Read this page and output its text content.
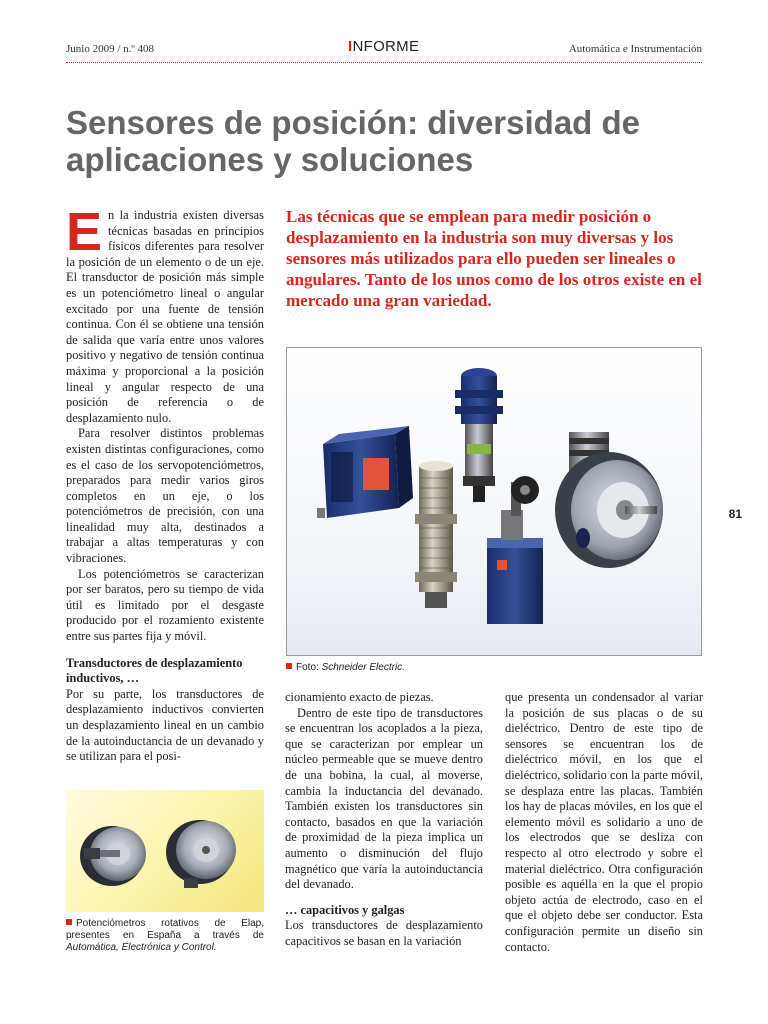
Junio 2009 / n.º 408	INFORME	Automática e Instrumentación
Sensores de posición: diversidad de aplicaciones y soluciones

En la industria existen diversas técnicas basadas en principios físicos diferentes para resolver la posición de un elemento o de un eje. El transductor de posición más simple es un potenciómetro lineal o angular excitado por una fuente de tensión continua. Con él se obtiene una tensión de salida que varía entre unos valores positivo y negativo de tensión continua máxima y proporcional a la posición lineal y angular respecto de una posición de referencia o de desplazamiento nulo.

Para resolver distintos problemas existen distintas configuraciones, como es el caso de los servopotenciómetros, preparados para medir varios giros completos en un eje, o los potenciómetros de precisión, con una linealidad muy alta, destinados a trabajar a altas temperaturas y con vibraciones.

Los potenciómetros se caracterizan por ser baratos, pero su tiempo de vida útil es limitado por el desgaste producido por el rozamiento existente entre sus partes fija y móvil.

Transductores de desplazamiento inductivos, …

Por su parte, los transductores de desplazamiento inductivos convierten un desplazamiento lineal en un cambio de la autoinductancia de un devanado y se utilizan para el posi-

Las técnicas que se emplean para medir posición o desplazamiento en la industria son muy diversas y los sensores más utilizados para ello pueden ser lineales o angulares. Tanto de los unos como de los otros existe en el mercado una gran variedad.
Foto: Schneider Electric.
81
Potenciómetros rotativos de Elap, presentes en España a través de Automática, Electrónica y Control.

cionamiento exacto de piezas.

Dentro de este tipo de transductores se encuentran los acoplados a la pieza, que se caracterizan por emplear un núcleo permeable que se mueve dentro de una bobina, la cual, al moverse, cambia la inductancia del devanado. También existen los transductores sin contacto, basados en que la variación de proximidad de la pieza implica un aumento o disminución del flujo magnético que varía la autoinductancia del devanado.

… capacitivos y galgas

Los transductores de desplazamiento capacitivos se basan en la variación

que presenta un condensador al variar la posición de sus placas o de su dieléctrico. Dentro de este tipo de sensores se encuentran los de dieléctrico móvil, en los que el dieléctrico, solidario con la parte móvil, se desplaza entre las placas. También los hay de placas móviles, en los que el elemento móvil es solidario a uno de los electrodos que se desliza con respecto al otro electrodo y sobre el material dieléctrico. Otra configuración posible es aquélla en la que el propio objeto actúa de electrodo, caso en el que el objeto debe ser conductor. Esta configuración permite un diseño sin contacto.
